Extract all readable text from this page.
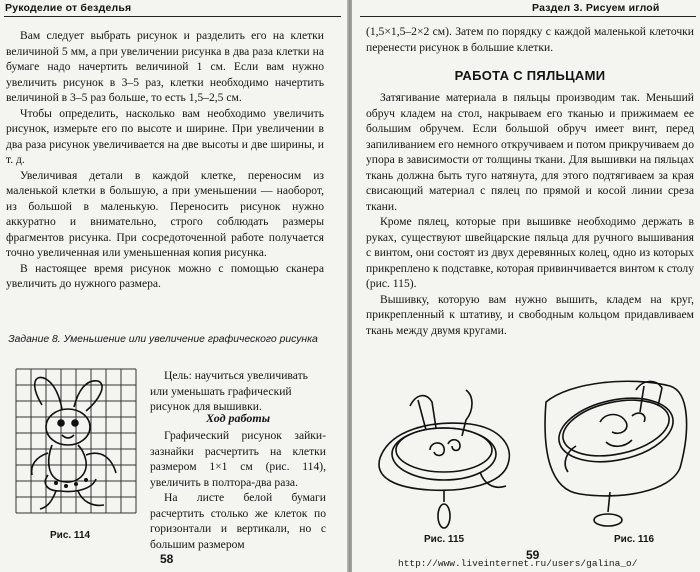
Рукоделие от безделья

Вам следует выбрать рисунок и разделить его на клетки величиной 5 мм, а при увеличении рисунка в два раза клетки на бумаге надо начертить величиной 1 см. Если вам нужно увеличить рисунок в 3–5 раз, клетки необходимо начертить величиной в 3–5 раз больше, то есть 1,5–2,5 см.

Чтобы определить, насколько вам необходимо увеличить рисунок, измерьте его по высоте и ширине. При увеличении в два раза рисунок увеличивается на две высоты и две ширины, и т. д.

Увеличивая детали в каждой клетке, переносим из маленькой клетки в большую, а при уменьшении — наоборот, из большой в маленькую. Переносить рисунок нужно аккуратно и внимательно, строго соблюдать размеры фрагментов рисунка. При сосредоточенной работе получается точно увеличенная или уменьшенная копия рисунка.

В настоящее время рисунок можно с помощью сканера увеличить до нужного размера.

Задание 8. Уменьшение или увеличение графического рисунка
Рис. 114

Цель: научиться увеличивать или уменьшать графический рисунок для вышивки.

Ход работы

Графический рисунок зайки-зазнайки расчертить на клетки размером 1×1 см (рис. 114), увеличить в полтора-два раза.

На листе белой бумаги расчертить столько же клеток по горизонтали и вертикали, но с большим размером

58
Раздел 3. Рисуем иглой

(1,5×1,5–2×2 см). Затем по порядку с каждой маленькой клеточки перенести рисунок в большие клетки.

РАБОТА С ПЯЛЬЦАМИ

Затягивание материала в пяльцы производим так. Меньший обруч кладем на стол, накрываем его тканью и прижимаем ее большим обручем. Если большой обруч имеет винт, перед запиливанием его немного откручиваем и потом прикручиваем до упора в зависимости от толщины ткани. Для вышивки на пяльцах ткань должна быть туго натянута, для этого подтягиваем за края свисающий материал с пялец по прямой и косой линии среза ткани.

Кроме пялец, которые при вышивке необходимо держать в руках, существуют швейцарские пяльца для ручного вышивания с винтом, они состоят из двух деревянных колец, одно из которых прикреплено к подставке, которая привинчивается винтом к столу (рис. 115).

Вышивку, которую вам нужно вышить, кладем на круг, прикрепленный к штативу, и свободным кольцом придавливаем ткань между двумя кругами.

Рис. 115	Рис. 116
59
http://www.liveinternet.ru/users/galina_o/
